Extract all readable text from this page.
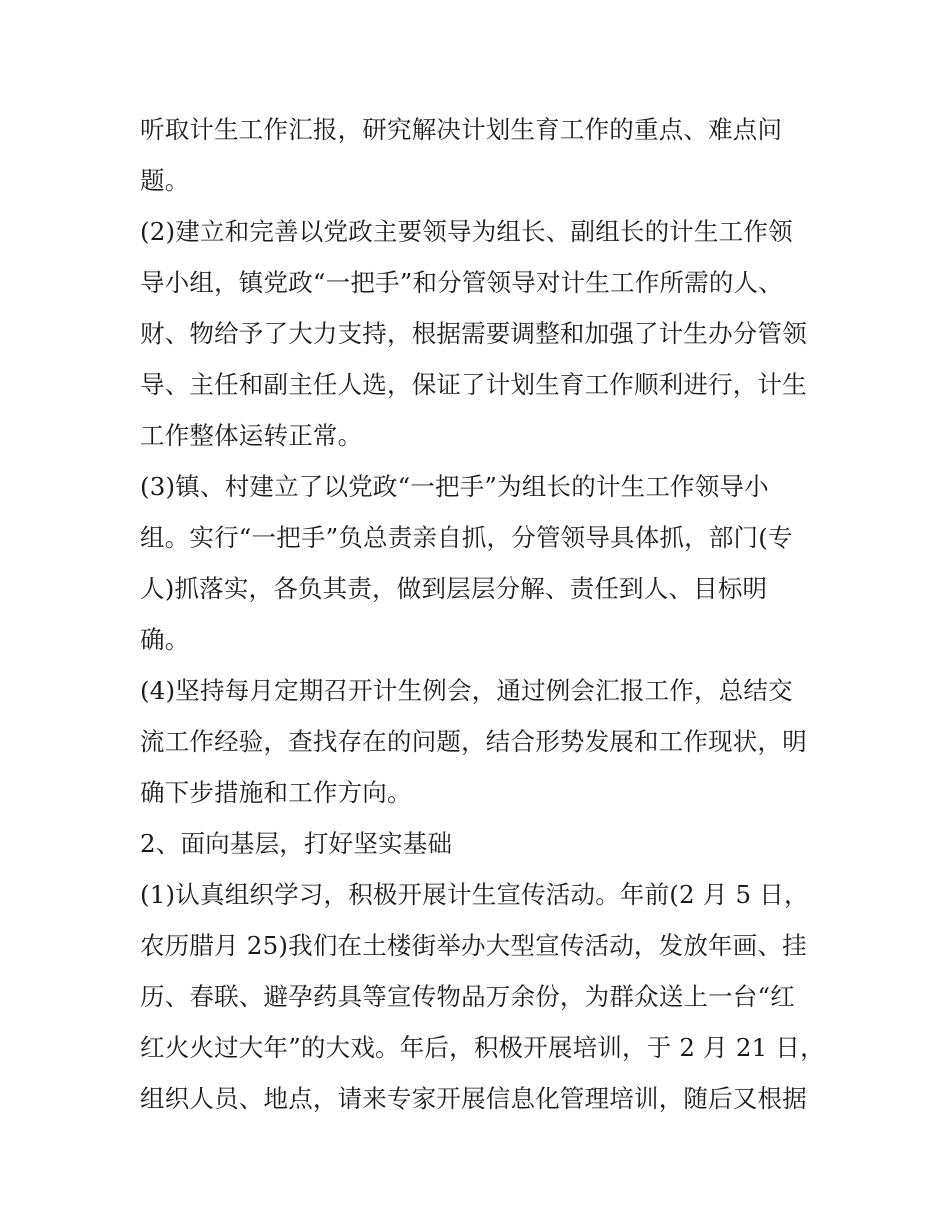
听取计生工作汇报，研究解决计划生育工作的重点、难点问
题。
(2)建立和完善以党政主要领导为组长、副组长的计生工作领
导小组，镇党政“一把手”和分管领导对计生工作所需的人、
财、物给予了大力支持，根据需要调整和加强了计生办分管领
导、主任和副主任人选，保证了计划生育工作顺利进行，计生
工作整体运转正常。
(3)镇、村建立了以党政“一把手”为组长的计生工作领导小
组。实行“一把手”负总责亲自抓，分管领导具体抓，部门(专
人)抓落实，各负其责，做到层层分解、责任到人、目标明
确。
(4)坚持每月定期召开计生例会，通过例会汇报工作，总结交
流工作经验，查找存在的问题，结合形势发展和工作现状，明
确下步措施和工作方向。
2、面向基层，打好坚实基础
(1)认真组织学习，积极开展计生宣传活动。年前(2 月 5 日，
农历腊月 25)我们在土楼街举办大型宣传活动，发放年画、挂
历、春联、避孕药具等宣传物品万余份，为群众送上一台“红
红火火过大年”的大戏。年后，积极开展培训，于 2 月 21 日，
组织人员、地点，请来专家开展信息化管理培训，随后又根据
